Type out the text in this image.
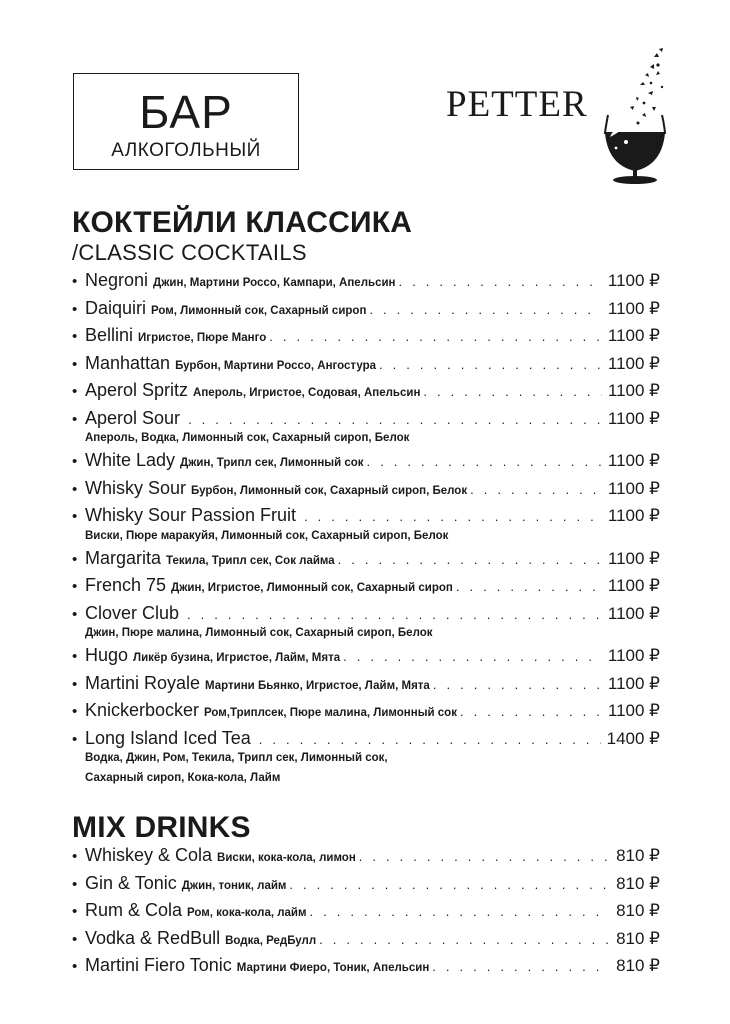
БАР
АЛКОГОЛЬНЫЙ
PETTER
КОКТЕЙЛИ КЛАССИКА
/CLASSIC COCKTAILS
• Negroni Джин, Мартини Россо, Кампари, Апельсин . . .	1100 ₽
• Daiquiri Ром, Лимонный сок, Сахарный сироп . . .	1100 ₽
• Bellini Игристое, Пюре Манго . . .	1100 ₽
• Manhattan Бурбон, Мартини Россо, Ангостура . . .	1100 ₽
• Aperol Spritz Апероль, Игристое, Содовая, Апельсин . . .	1100 ₽
• Aperol Sour . . .	1100 ₽
Апероль, Водка, Лимонный сок, Сахарный сироп, Белок
• White Lady Джин, Трипл сек, Лимонный сок . . .	1100 ₽
• Whisky Sour Бурбон, Лимонный сок, Сахарный сироп, Белок . . .	1100 ₽
• Whisky Sour Passion Fruit . . .	1100 ₽
Виски, Пюре маракуйя, Лимонный сок, Сахарный сироп, Белок
• Margarita Текила, Трипл сек, Сок лайма . . .	1100 ₽
• French 75 Джин, Игристое, Лимонный сок, Сахарный сироп . . .	1100 ₽
• Clover Club . . .	1100 ₽
Джин, Пюре малина, Лимонный сок, Сахарный сироп, Белок
• Hugo Ликёр бузина, Игристое, Лайм, Мята . . .	1100 ₽
• Martini Royale Мартини Бьянко, Игристое, Лайм, Мята . . .	1100 ₽
• Knickerbocker Ром,Триплсек, Пюре малина, Лимонный сок . . .	1100 ₽
• Long Island Iced Tea . . .	1400 ₽
Водка, Джин, Ром, Текила, Трипл сек, Лимонный сок,
Сахарный сироп, Кока-кола, Лайм
MIX DRINKS
• Whiskey & Cola Виски, кока-кола, лимон . . .	810 ₽
• Gin & Tonic Джин, тоник, лайм . . .	810 ₽
• Rum & Cola Ром, кока-кола, лайм . . .	810 ₽
• Vodka & RedBull Водка, РедБулл . . .	810 ₽
• Martini Fiero Tonic Мартини Фиеро, Тоник, Апельсин . . .	810 ₽
